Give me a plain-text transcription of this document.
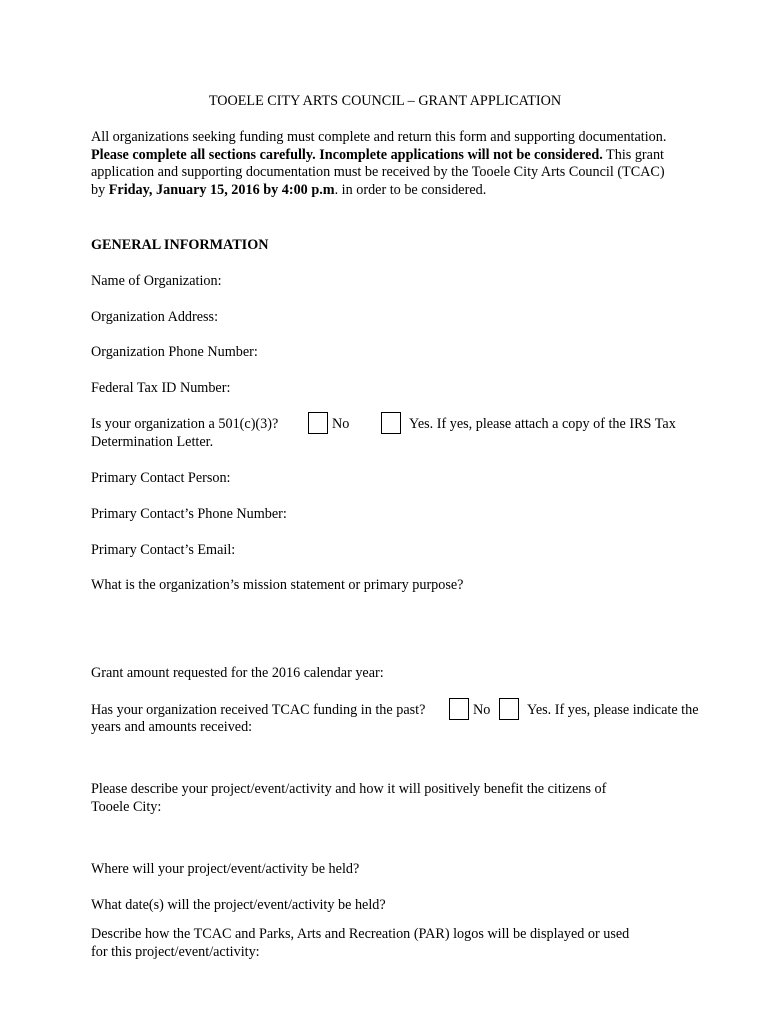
TOOELE CITY ARTS COUNCIL – GRANT APPLICATION
All organizations seeking funding must complete and return this form and supporting documentation. Please complete all sections carefully. Incomplete applications will not be considered. This grant application and supporting documentation must be received by the Tooele City Arts Council (TCAC) by Friday, January 15, 2016 by 4:00 p.m. in order to be considered.
GENERAL INFORMATION
Name of Organization:
Organization Address:
Organization Phone Number:
Federal Tax ID Number:
Is your organization a 501(c)(3)?	No	Yes. If yes, please attach a copy of the IRS Tax
Determination Letter.
Primary Contact Person:
Primary Contact’s Phone Number:
Primary Contact’s Email:
What is the organization’s mission statement or primary purpose?
Grant amount requested for the 2016 calendar year:
Has your organization received TCAC funding in the past?	No	Yes. If yes, please indicate the
years and amounts received:
Please describe your project/event/activity and how it will positively benefit the citizens of
Tooele City:
Where will your project/event/activity be held?
What date(s) will the project/event/activity be held?
Describe how the TCAC and Parks, Arts and Recreation (PAR) logos will be displayed or used
for this project/event/activity:
